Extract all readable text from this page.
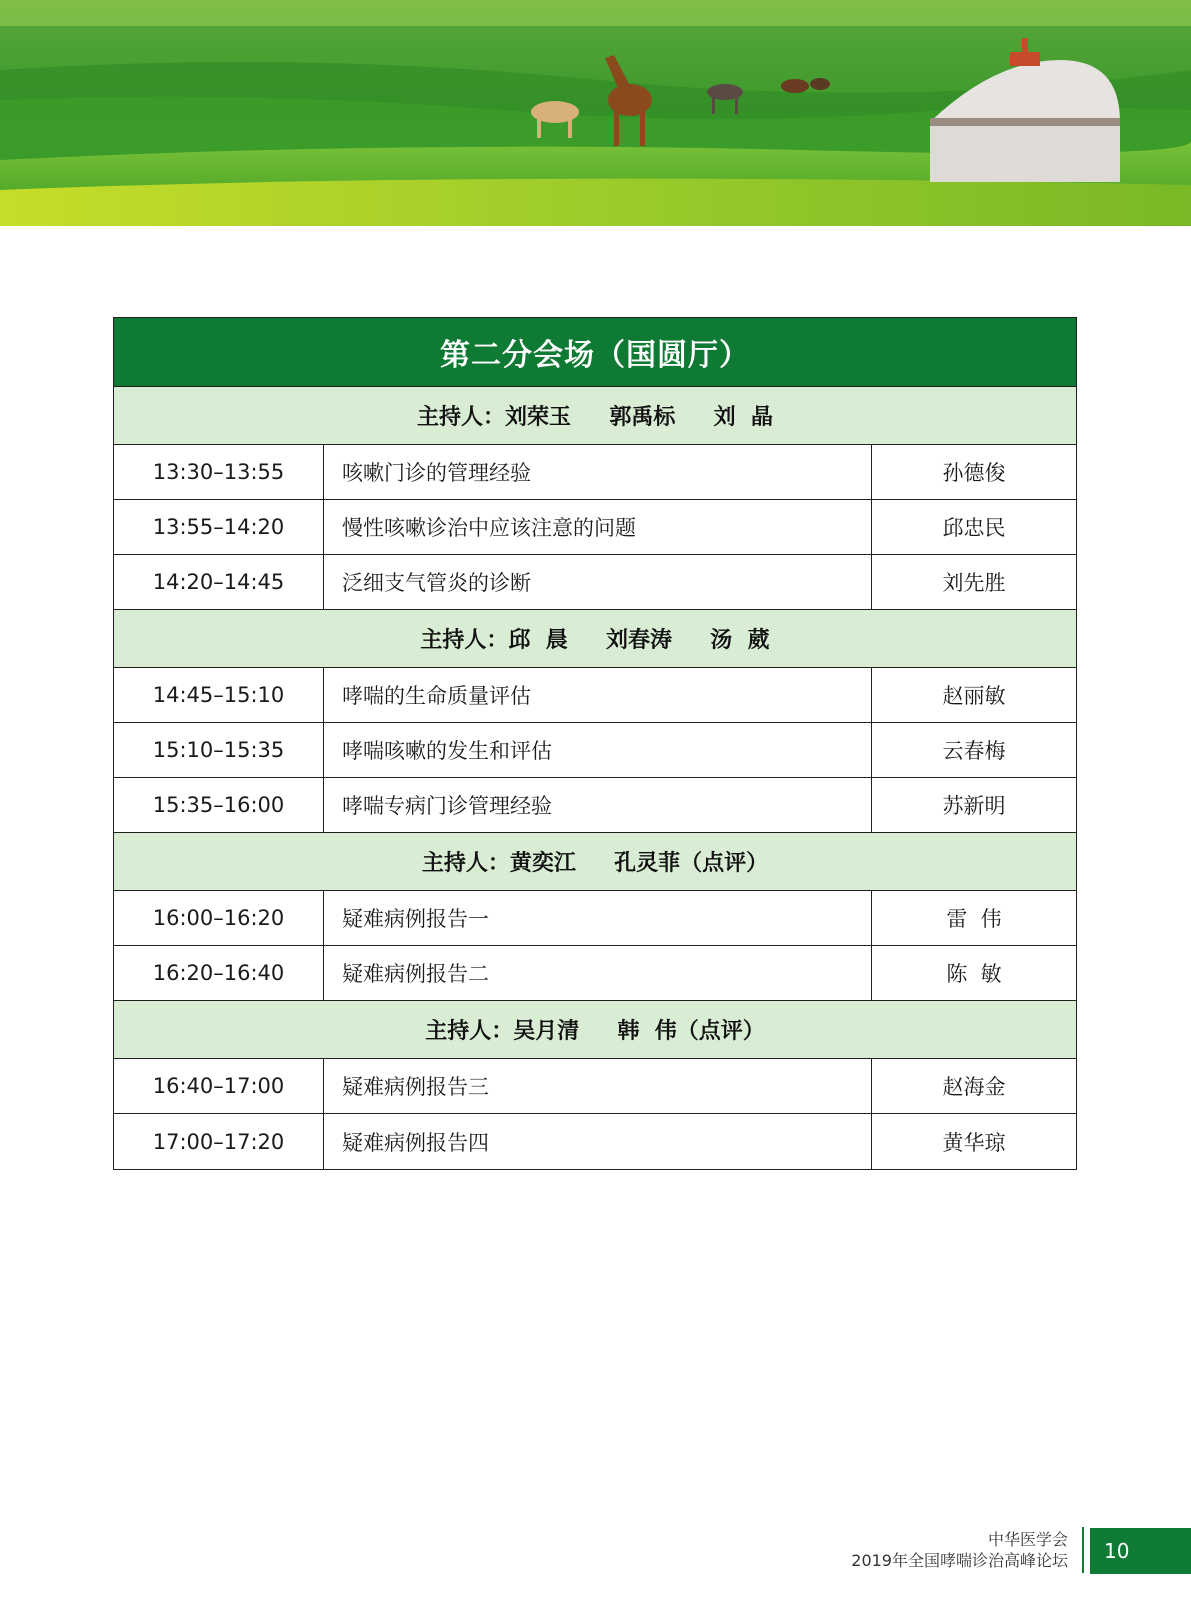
第二分会场（国圆厅）
主持人：刘荣玉     郭禹标     刘  晶
13:30–13:55	咳嗽门诊的管理经验	孙德俊
13:55–14:20	慢性咳嗽诊治中应该注意的问题	邱忠民
14:20–14:45	泛细支气管炎的诊断	刘先胜
主持人：邱  晨     刘春涛     汤  葳
14:45–15:10	哮喘的生命质量评估	赵丽敏
15:10–15:35	哮喘咳嗽的发生和评估	云春梅
15:35–16:00	哮喘专病门诊管理经验	苏新明
主持人：黄奕江     孔灵菲（点评）
16:00–16:20	疑难病例报告一	雷  伟
16:20–16:40	疑难病例报告二	陈  敏
主持人：吴月清     韩  伟（点评）
16:40–17:00	疑难病例报告三	赵海金
17:00–17:20	疑难病例报告四	黄华琼
中华医学会
2019年全国哮喘诊治高峰论坛	10
